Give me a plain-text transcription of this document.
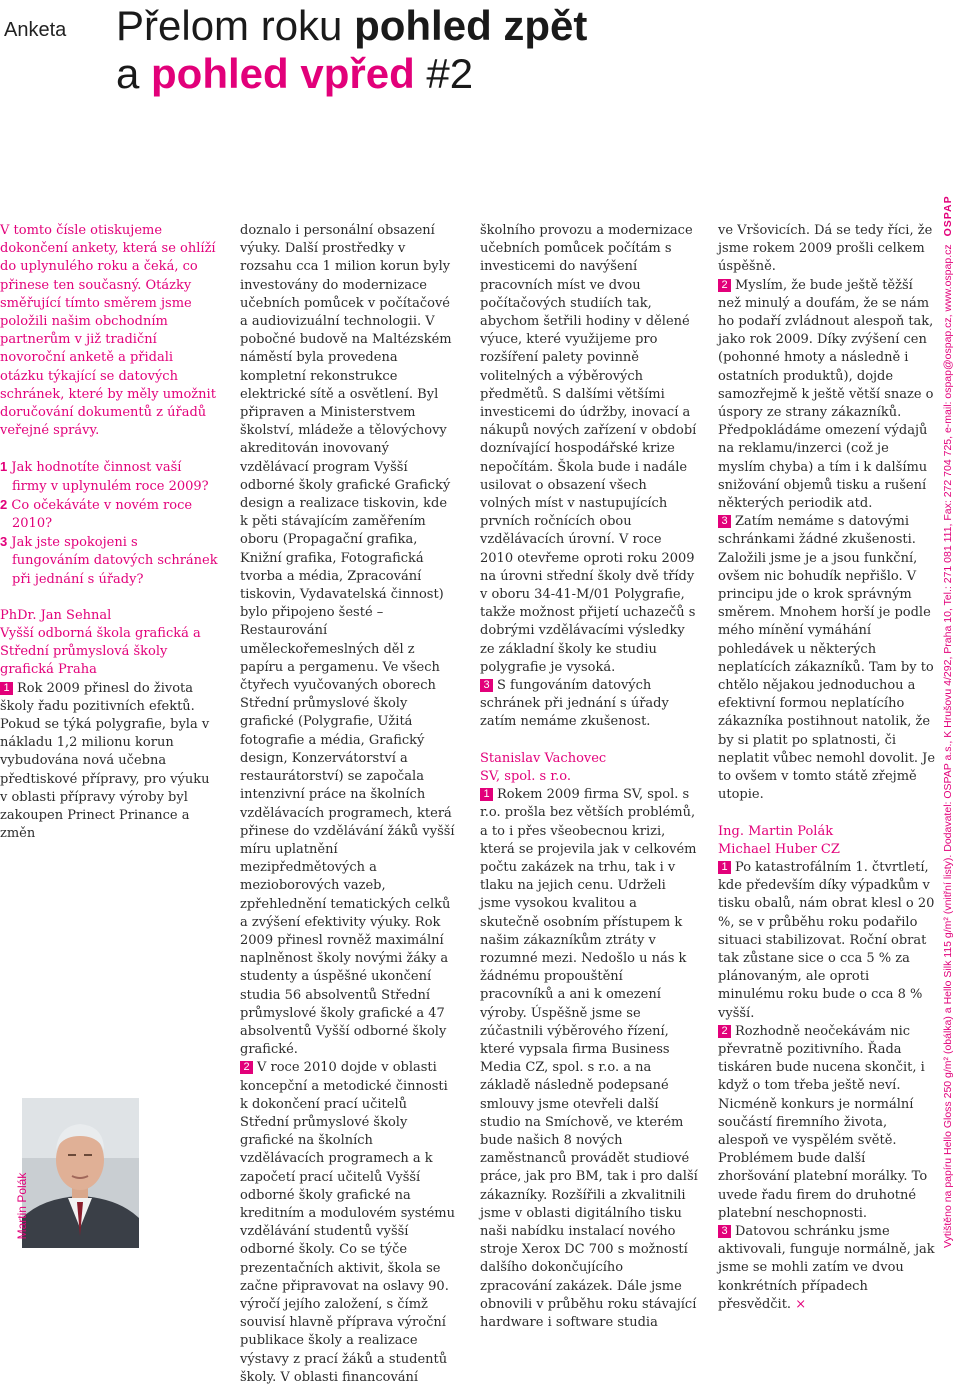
Anketa Přelom roku pohled zpět
a pohled vpřed #2

V tomto čísle otiskujeme dokončení ankety, která se ohlíží do uplynulého roku a čeká, co přinese ten současný. Otázky směřující tímto směrem jsme položili našim obchodním partnerům v již tradiční novoroční anketě a přidali otázku týkající se datových schránek, které by měly umožnit doručování dokumentů z úřadů veřejné správy.

1 Jak hodnotíte činnost vaší firmy v uplynulém roce 2009?

2 Co očekáváte v novém roce 2010?

3 Jak jste spokojeni s fungováním datových schránek při jednání s úřady?

PhDr. Jan Sehnal

Vyšší odborná škola grafická a Střední průmyslová školy grafická Praha

1 Rok 2009 přinesl do života školy řadu pozitivních efektů. Pokud se týká polygrafie, byla v nákladu 1,2 milionu korun vybudována nová učebna předtiskové přípravy, pro výuku v oblasti přípravy výroby byl zakoupen Prinect Prinance a změn

doznalo i personální obsazení výuky. Další prostředky v rozsahu cca 1 milion korun byly investovány do modernizace učebních pomůcek v počítačové a audiovizuální technologii. V pobočné budově na Maltézském náměstí byla provedena kompletní rekonstrukce elektrické sítě a osvětlení. Byl připraven a Ministerstvem školství, mládeže a tělovýchovy akreditován inovovaný vzdělávací program Vyšší odborné školy grafické Grafický design a realizace tiskovin, kde k pěti stávajícím zaměřením oboru (Propagační grafika, Knižní grafika, Fotografická tvorba a média, Zpracování tiskovin, Vydavatelská činnost) bylo připojeno šesté – Restaurování uměleckořemeslných děl z papíru a pergamenu. Ve všech čtyřech vyučovaných oborech Střední průmyslové školy grafické (Polygrafie, Užitá fotografie a média, Grafický design, Konzervátorství a restaurátorství) se započala intenzivní práce na školních vzdělávacích programech, která přinese do vzdělávání žáků vyšší míru uplatnění mezipředmětových a mezioborových vazeb, zpřehlednění tematických celků a zvýšení efektivity výuky. Rok 2009 přinesl rovněž maximální naplněnost školy novými žáky a studenty a úspěšné ukončení studia 56 absolventů Střední průmyslové školy grafické a 47 absolventů Vyšší odborné školy grafické.

2 V roce 2010 dojde v oblasti koncepční a metodické činnosti k dokončení prací učitelů Střední průmyslové školy grafické na školních vzdělávacích programech a k započetí prací učitelů Vyšší odborné školy grafické na kreditním a modulovém systému vzdělávání studentů vyšší odborné školy. Co se týče prezentačních aktivit, škola se začne připravovat na oslavy 90. výročí jejího založení, s čímž souvisí hlavně příprava výroční publikace školy a realizace výstavy z prací žáků a studentů školy. V oblasti financování

školního provozu a modernizace učebních pomůcek počítám s investicemi do navýšení pracovních míst ve dvou počítačových studiích tak, abychom šetřili hodiny v dělené výuce, které využijeme pro rozšíření palety povinně volitelných a výběrových předmětů. S dalšími většími investicemi do údržby, inovací a nákupů nových zařízení v období doznívající hospodářské krize nepočítám. Škola bude i nadále usilovat o obsazení všech volných míst v nastupujících prvních ročnících obou vzdělávacích úrovní. V roce 2010 otevřeme oproti roku 2009 na úrovni střední školy dvě třídy v oboru 34-41-M/01 Polygrafie, takže možnost přijetí uchazečů s dobrými vzdělávacími výsledky ze základní školy ke studiu polygrafie je vysoká.

3 S fungováním datových schránek při jednání s úřady zatím nemáme zkušenost.

Stanislav Vachovec

SV, spol. s r.o.

1 Rokem 2009 firma SV, spol. s r.o. prošla bez větších problémů, a to i přes všeobecnou krizi, která se projevila jak v celkovém počtu zakázek na trhu, tak i v tlaku na jejich cenu. Udrželi jsme vysokou kvalitou a skutečně osobním přístupem k našim zákazníkům ztráty v rozumné mezi. Nedošlo u nás k žádnému propouštění pracovníků a ani k omezení výroby. Úspěšně jsme se zúčastnili výběrového řízení, které vypsala firma Business Media CZ, spol. s r.o. a na základě následně podepsané smlouvy jsme otevřeli další studio na Smíchově, ve kterém bude našich 8 nových zaměstnanců provádět studiové práce, jak pro BM, tak i pro další zákazníky. Rozšířili a zkvalitnili jsme v oblasti digitálního tisku naši nabídku instalací nového stroje Xerox DC 700 s možností dalšího dokončujícího zpracování zakázek. Dále jsme obnovili v průběhu roku stávající hardware i software studia

ve Vršovicích. Dá se tedy říci, že jsme rokem 2009 prošli celkem úspěšně.

2 Myslím, že bude ještě těžší než minulý a doufám, že se nám ho podaří zvládnout alespoň tak, jako rok 2009. Díky zvýšení cen (pohonné hmoty a následně i ostatních produktů), dojde samozřejmě k ještě větší snaze o úspory ze strany zákazníků. Předpokládáme omezení výdajů na reklamu/inzerci (což je myslím chyba) a tím i k dalšímu snižování objemů tisku a rušení některých periodik atd.

3 Zatím nemáme s datovými schránkami žádné zkušenosti. Založili jsme je a jsou funkční, ovšem nic bohudík nepřišlo. V principu jde o krok správným směrem. Mnohem horší je podle mého mínění vymáhání pohledávek u některých neplatících zákazníků. Tam by to chtělo nějakou jednoduchou a efektivní formou neplatícího zákazníka postihnout natolik, že by si platit po splatnosti, či neplatit vůbec nemohl dovolit. Je to ovšem v tomto státě zřejmě utopie.

Ing. Martin Polák

Michael Huber CZ

1 Po katastrofálním 1. čtvrtletí, kde především díky výpadkům v tisku obalů, nám obrat klesl o 20 %, se v průběhu roku podařilo situaci stabilizovat. Roční obrat tak zůstane sice o cca 5 % za plánovaným, ale oproti minulému roku bude o cca 8 % vyšší.

2 Rozhodně neočekávám nic převratně pozitivního. Řada tiskáren bude nucena skončit, i když o tom třeba ještě neví. Nicméně konkurs je normální součástí firemního života, alespoň ve vyspělém světě. Problémem bude další zhoršování platební morálky. To uvede řadu firem do druhotné platební neschopnosti.

3 Datovou schránku jsme aktivovali, funguje normálně, jak jsme se mohli zatím ve dvou konkrétních případech přesvědčit. ×

Martin Polák	Vytištěno na papíru Hello Gloss 250 g/m² (obálka) a Hello Silk 115 g/m² (vnitřní listy). Dodavatel: OSPAP a.s., K Hrušovu 4/292, Praha 10, Tel.: 271 081 111, Fax: 272 704 725, e-mail: ospap@ospap.cz, www.ospap.czOSPAP
